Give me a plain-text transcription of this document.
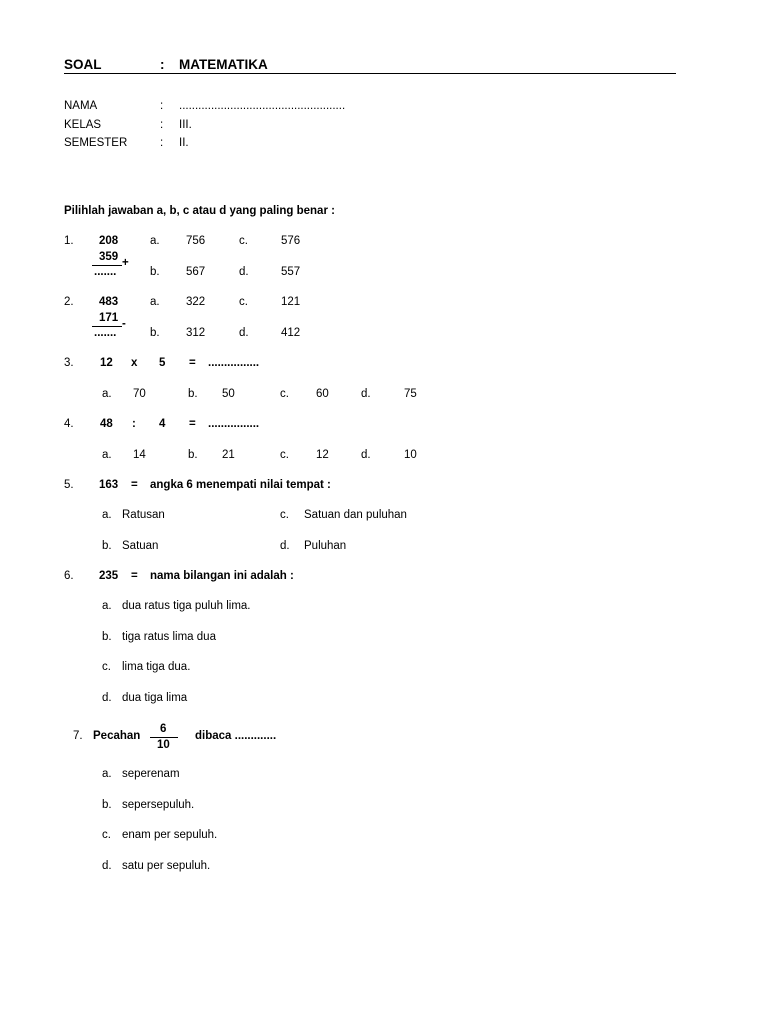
SOAL	: MATEMATIKA
NAMA	: ....................................................
KELAS	: III.
SEMESTER	: II.
Pilihlah jawaban a, b, c atau d yang paling benar :
1. 208
359 +
.......
a. 756	c.	576
b. 567	d.	557
2. 483
171 -
.......
a. 322	c.	121
b. 312	d.	412
3. 12 x 5 = ................
a. 70	b. 50	c. 60	d.	75
4. 48 : 4 = ................
a. 14	b. 21	c. 12	d.	10
5. 163 = angka 6 menempati nilai tempat :
a. Ratusan	c. Satuan dan puluhan
b. Satuan	d. Puluhan
6. 235 = nama bilangan ini adalah :
a. dua ratus tiga puluh lima.
b. tiga ratus lima dua
c. lima tiga dua.
d. dua tiga lima
7. Pecahan
6
10
dibaca .............
a. seperenam
b. sepersepuluh.
c. enam per sepuluh.
d. satu per sepuluh.
